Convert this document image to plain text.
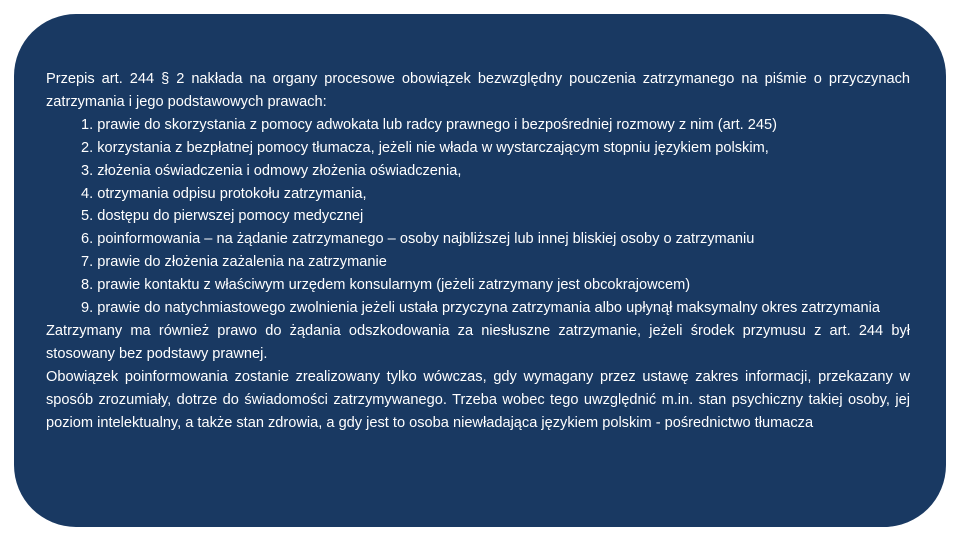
Przepis art. 244 § 2 nakłada na organy procesowe obowiązek bezwzględny pouczenia zatrzymanego na piśmie o przyczynach zatrzymania i jego podstawowych prawach:

1. prawie do skorzystania z pomocy adwokata lub radcy prawnego i bezpośredniej rozmowy z nim (art. 245)
2. korzystania z bezpłatnej pomocy tłumacza, jeżeli nie włada w wystarczającym stopniu językiem polskim,
3. złożenia oświadczenia i odmowy złożenia oświadczenia,
4. otrzymania odpisu protokołu zatrzymania,
5. dostępu do pierwszej pomocy medycznej
6. poinformowania – na żądanie zatrzymanego – osoby najbliższej lub innej bliskiej osoby o zatrzymaniu
7. prawie do złożenia zażalenia na zatrzymanie
8. prawie kontaktu z właściwym urzędem konsularnym (jeżeli zatrzymany jest obcokrajowcem)
9. prawie do natychmiastowego zwolnienia jeżeli ustała przyczyna zatrzymania albo upłynął maksymalny okres zatrzymania

Zatrzymany ma również prawo do żądania odszkodowania za niesłuszne zatrzymanie, jeżeli środek przymusu z art. 244 był stosowany bez podstawy prawnej.

Obowiązek poinformowania zostanie zrealizowany tylko wówczas, gdy wymagany przez ustawę zakres informacji, przekazany w sposób zrozumiały, dotrze do świadomości zatrzymywanego. Trzeba wobec tego uwzględnić m.in. stan psychiczny takiej osoby, jej poziom intelektualny, a także stan zdrowia, a gdy jest to osoba niewładająca językiem polskim - pośrednictwo tłumacza
